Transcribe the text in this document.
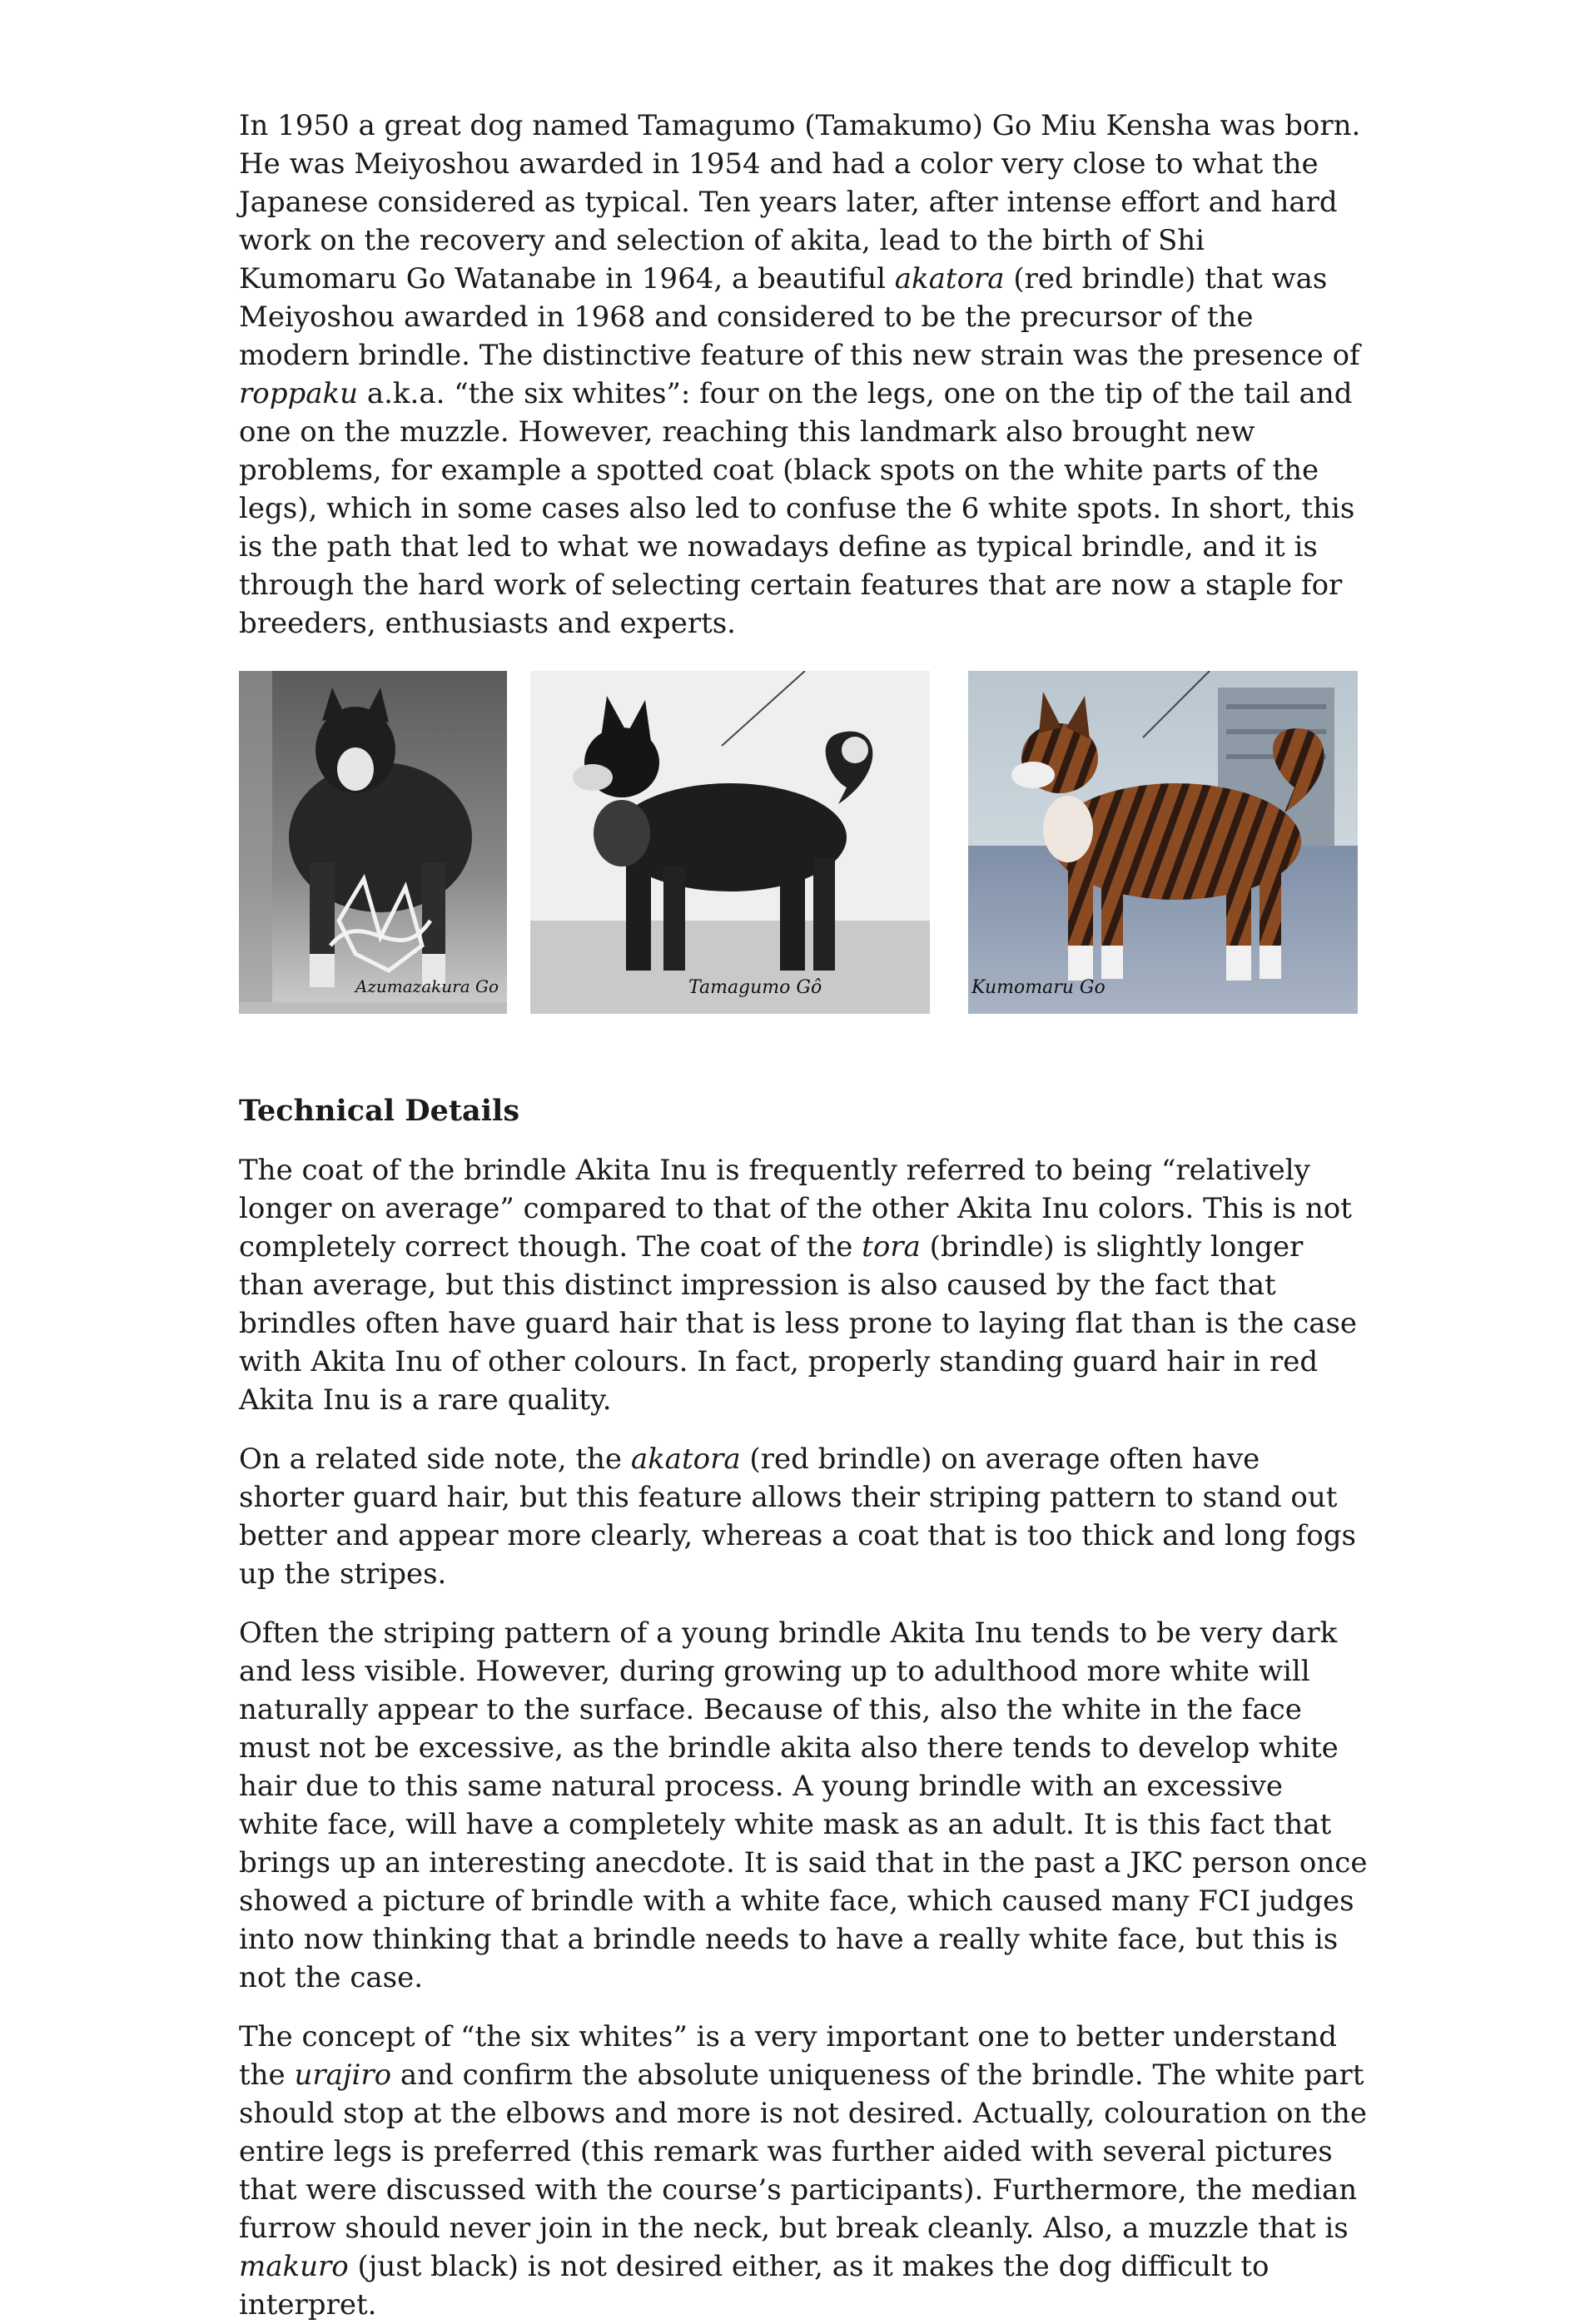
In 1950 a great dog named Tamagumo (Tamakumo) Go Miu Kensha was born. He was Meiyoshou awarded in 1954 and had a color very close to what the Japanese considered as typical. Ten years later, after intense effort and hard work on the recovery and selection of akita, lead to the birth of Shi Kumomaru Go Watanabe in 1964, a beautiful akatora (red brindle) that was Meiyoshou awarded in 1968 and considered to be the precursor of the modern brindle. The distinctive feature of this new strain was the presence of roppaku a.k.a. “the six whites”: four on the legs, one on the tip of the tail and one on the muzzle. However, reaching this landmark also brought new problems, for example a spotted coat (black spots on the white parts of the legs), which in some cases also led to confuse the 6 white spots. In short, this is the path that led to what we nowadays define as typical brindle, and it is through the hard work of selecting certain features that are now a staple for breeders, enthusiasts and experts.

Azumazakura Go	Tamagumo Gô	Kumomaru Go

Technical Details

The coat of the brindle Akita Inu is frequently referred to being “relatively longer on average” compared to that of the other Akita Inu colors. This is not completely correct though. The coat of the tora (brindle) is slightly longer than average, but this distinct impression is also caused by the fact that brindles often have guard hair that is less prone to laying flat than is the case with Akita Inu of other colours. In fact, properly standing guard hair in red Akita Inu is a rare quality.

On a related side note, the akatora (red brindle) on average often have shorter guard hair, but this feature allows their striping pattern to stand out better and appear more clearly, whereas a coat that is too thick and long fogs up the stripes.

Often the striping pattern of a young brindle Akita Inu tends to be very dark and less visible. However, during growing up to adulthood more white will naturally appear to the surface. Because of this, also the white in the face must not be excessive, as the brindle akita also there tends to develop white hair due to this same natural process. A young brindle with an excessive white face, will have a completely white mask as an adult. It is this fact that brings up an interesting anecdote. It is said that in the past a JKC person once showed a picture of brindle with a white face, which caused many FCI judges into now thinking that a brindle needs to have a really white face, but this is not the case.

The concept of “the six whites” is a very important one to better understand the urajiro and confirm the absolute uniqueness of the brindle. The white part should stop at the elbows and more is not desired. Actually, colouration on the entire legs is preferred (this remark was further aided with several pictures that were discussed with the course’s participants). Furthermore, the median furrow should never join in the neck, but break cleanly. Also, a muzzle that is makuro (just black) is not desired either, as it makes the dog difficult to interpret.
